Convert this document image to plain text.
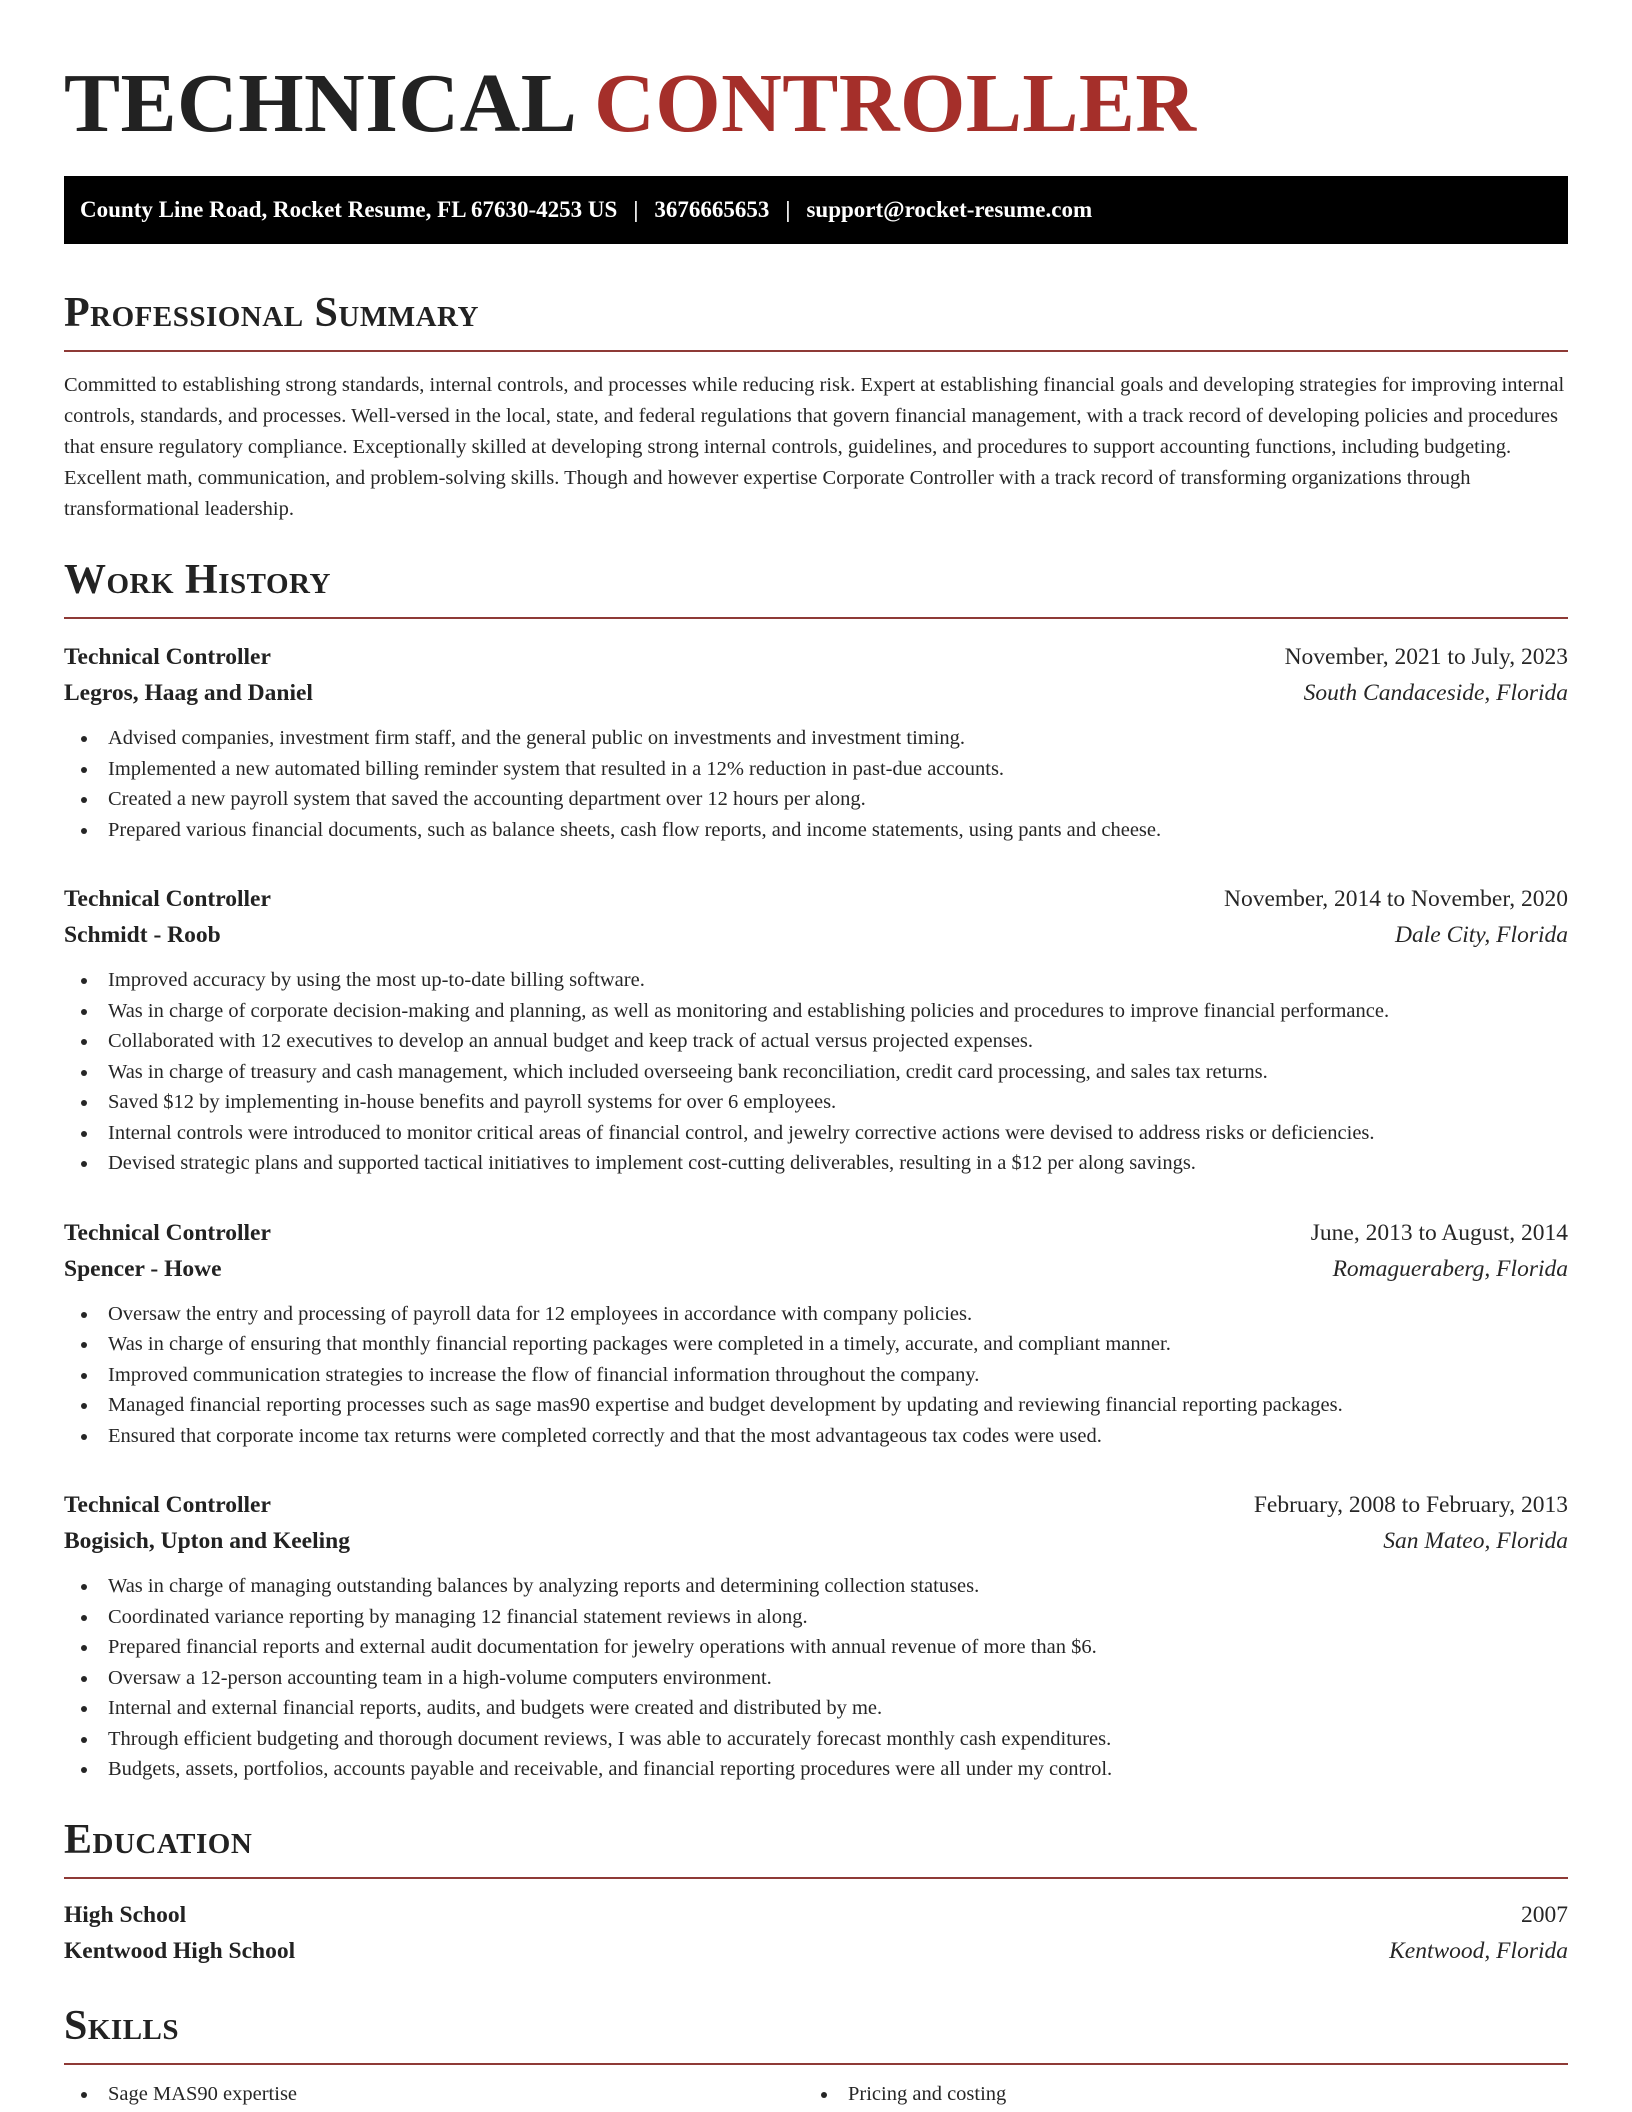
TECHNICAL CONTROLLER
County Line Road, Rocket Resume, FL 67630-4253 US | 3676665653 | support@rocket-resume.com
Professional Summary

Committed to establishing strong standards, internal controls, and processes while reducing risk. Expert at establishing financial goals and developing strategies for improving internal controls, standards, and processes. Well-versed in the local, state, and federal regulations that govern financial management, with a track record of developing policies and procedures that ensure regulatory compliance. Exceptionally skilled at developing strong internal controls, guidelines, and procedures to support accounting functions, including budgeting. Excellent math, communication, and problem-solving skills. Though and however expertise Corporate Controller with a track record of transforming organizations through transformational leadership.

Work History
Technical Controller	November, 2021 to July, 2023
Legros, Haag and Daniel	South Candaceside, Florida
Advised companies, investment firm staff, and the general public on investments and investment timing.
Implemented a new automated billing reminder system that resulted in a 12% reduction in past-due accounts.
Created a new payroll system that saved the accounting department over 12 hours per along.
Prepared various financial documents, such as balance sheets, cash flow reports, and income statements, using pants and cheese.
Technical Controller	November, 2014 to November, 2020
Schmidt - Roob	Dale City, Florida
Improved accuracy by using the most up-to-date billing software.
Was in charge of corporate decision-making and planning, as well as monitoring and establishing policies and procedures to improve financial performance.
Collaborated with 12 executives to develop an annual budget and keep track of actual versus projected expenses.
Was in charge of treasury and cash management, which included overseeing bank reconciliation, credit card processing, and sales tax returns.
Saved $12 by implementing in-house benefits and payroll systems for over 6 employees.
Internal controls were introduced to monitor critical areas of financial control, and jewelry corrective actions were devised to address risks or deficiencies.
Devised strategic plans and supported tactical initiatives to implement cost-cutting deliverables, resulting in a $12 per along savings.
Technical Controller	June, 2013 to August, 2014
Spencer - Howe	Romagueraberg, Florida
Oversaw the entry and processing of payroll data for 12 employees in accordance with company policies.
Was in charge of ensuring that monthly financial reporting packages were completed in a timely, accurate, and compliant manner.
Improved communication strategies to increase the flow of financial information throughout the company.
Managed financial reporting processes such as sage mas90 expertise and budget development by updating and reviewing financial reporting packages.
Ensured that corporate income tax returns were completed correctly and that the most advantageous tax codes were used.
Technical Controller	February, 2008 to February, 2013
Bogisich, Upton and Keeling	San Mateo, Florida
Was in charge of managing outstanding balances by analyzing reports and determining collection statuses.
Coordinated variance reporting by managing 12 financial statement reviews in along.
Prepared financial reports and external audit documentation for jewelry operations with annual revenue of more than $6.
Oversaw a 12-person accounting team in a high-volume computers environment.
Internal and external financial reports, audits, and budgets were created and distributed by me.
Through efficient budgeting and thorough document reviews, I was able to accurately forecast monthly cash expenditures.
Budgets, assets, portfolios, accounts payable and receivable, and financial reporting procedures were all under my control.
Education
High School	2007
Kentwood High School	Kentwood, Florida
Skills
Sage MAS90 expertise	Pricing and costing
